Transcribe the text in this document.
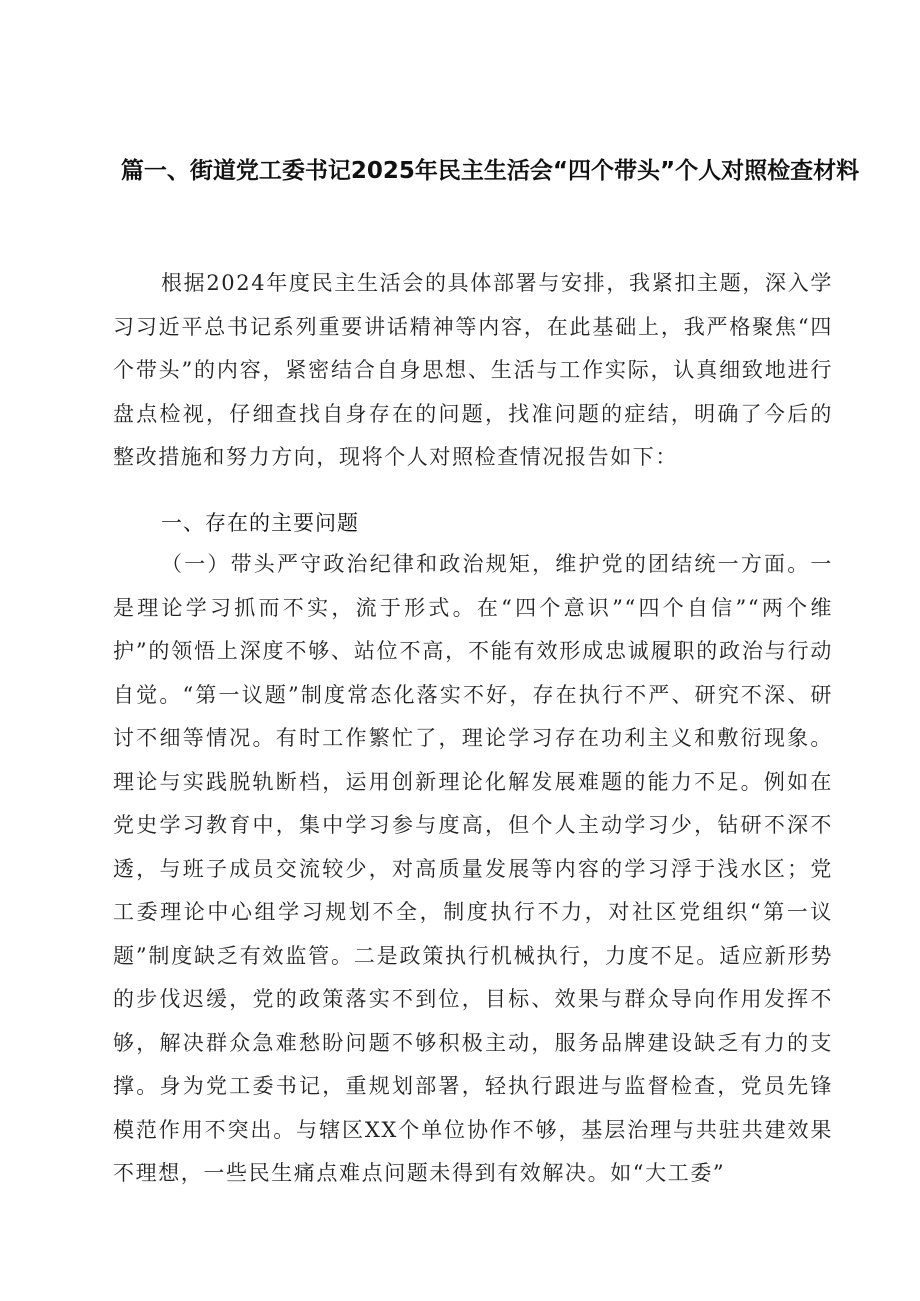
篇一、街道党工委书记2025年民主生活会“四个带头”个人对照检查材料
根据2024年度民主生活会的具体部署与安排，我紧扣主题，深入学习习近平总书记系列重要讲话精神等内容，在此基础上，我严格聚焦“四个带头”的内容，紧密结合自身思想、生活与工作实际，认真细致地进行盘点检视，仔细查找自身存在的问题，找准问题的症结，明确了今后的整改措施和努力方向，现将个人对照检查情况报告如下：
一、存在的主要问题
（一）带头严守政治纪律和政治规矩，维护党的团结统一方面。一是理论学习抓而不实，流于形式。在“四个意识”“四个自信”“两个维护”的领悟上深度不够、站位不高，不能有效形成忠诚履职的政治与行动自觉。“第一议题”制度常态化落实不好，存在执行不严、研究不深、研讨不细等情况。有时工作繁忙了，理论学习存在功利主义和敷衍现象。理论与实践脱轨断档，运用创新理论化解发展难题的能力不足。例如在党史学习教育中，集中学习参与度高，但个人主动学习少，钻研不深不透，与班子成员交流较少，对高质量发展等内容的学习浮于浅水区；党工委理论中心组学习规划不全，制度执行不力，对社区党组织“第一议题”制度缺乏有效监管。二是政策执行机械执行，力度不足。适应新形势的步伐迟缓，党的政策落实不到位，目标、效果与群众导向作用发挥不够，解决群众急难愁盼问题不够积极主动，服务品牌建设缺乏有力的支撑。身为党工委书记，重规划部署，轻执行跟进与监督检查，党员先锋模范作用不突出。与辖区XX个单位协作不够，基层治理与共驻共建效果不理想，一些民生痛点难点问题未得到有效解决。如“大工委”
